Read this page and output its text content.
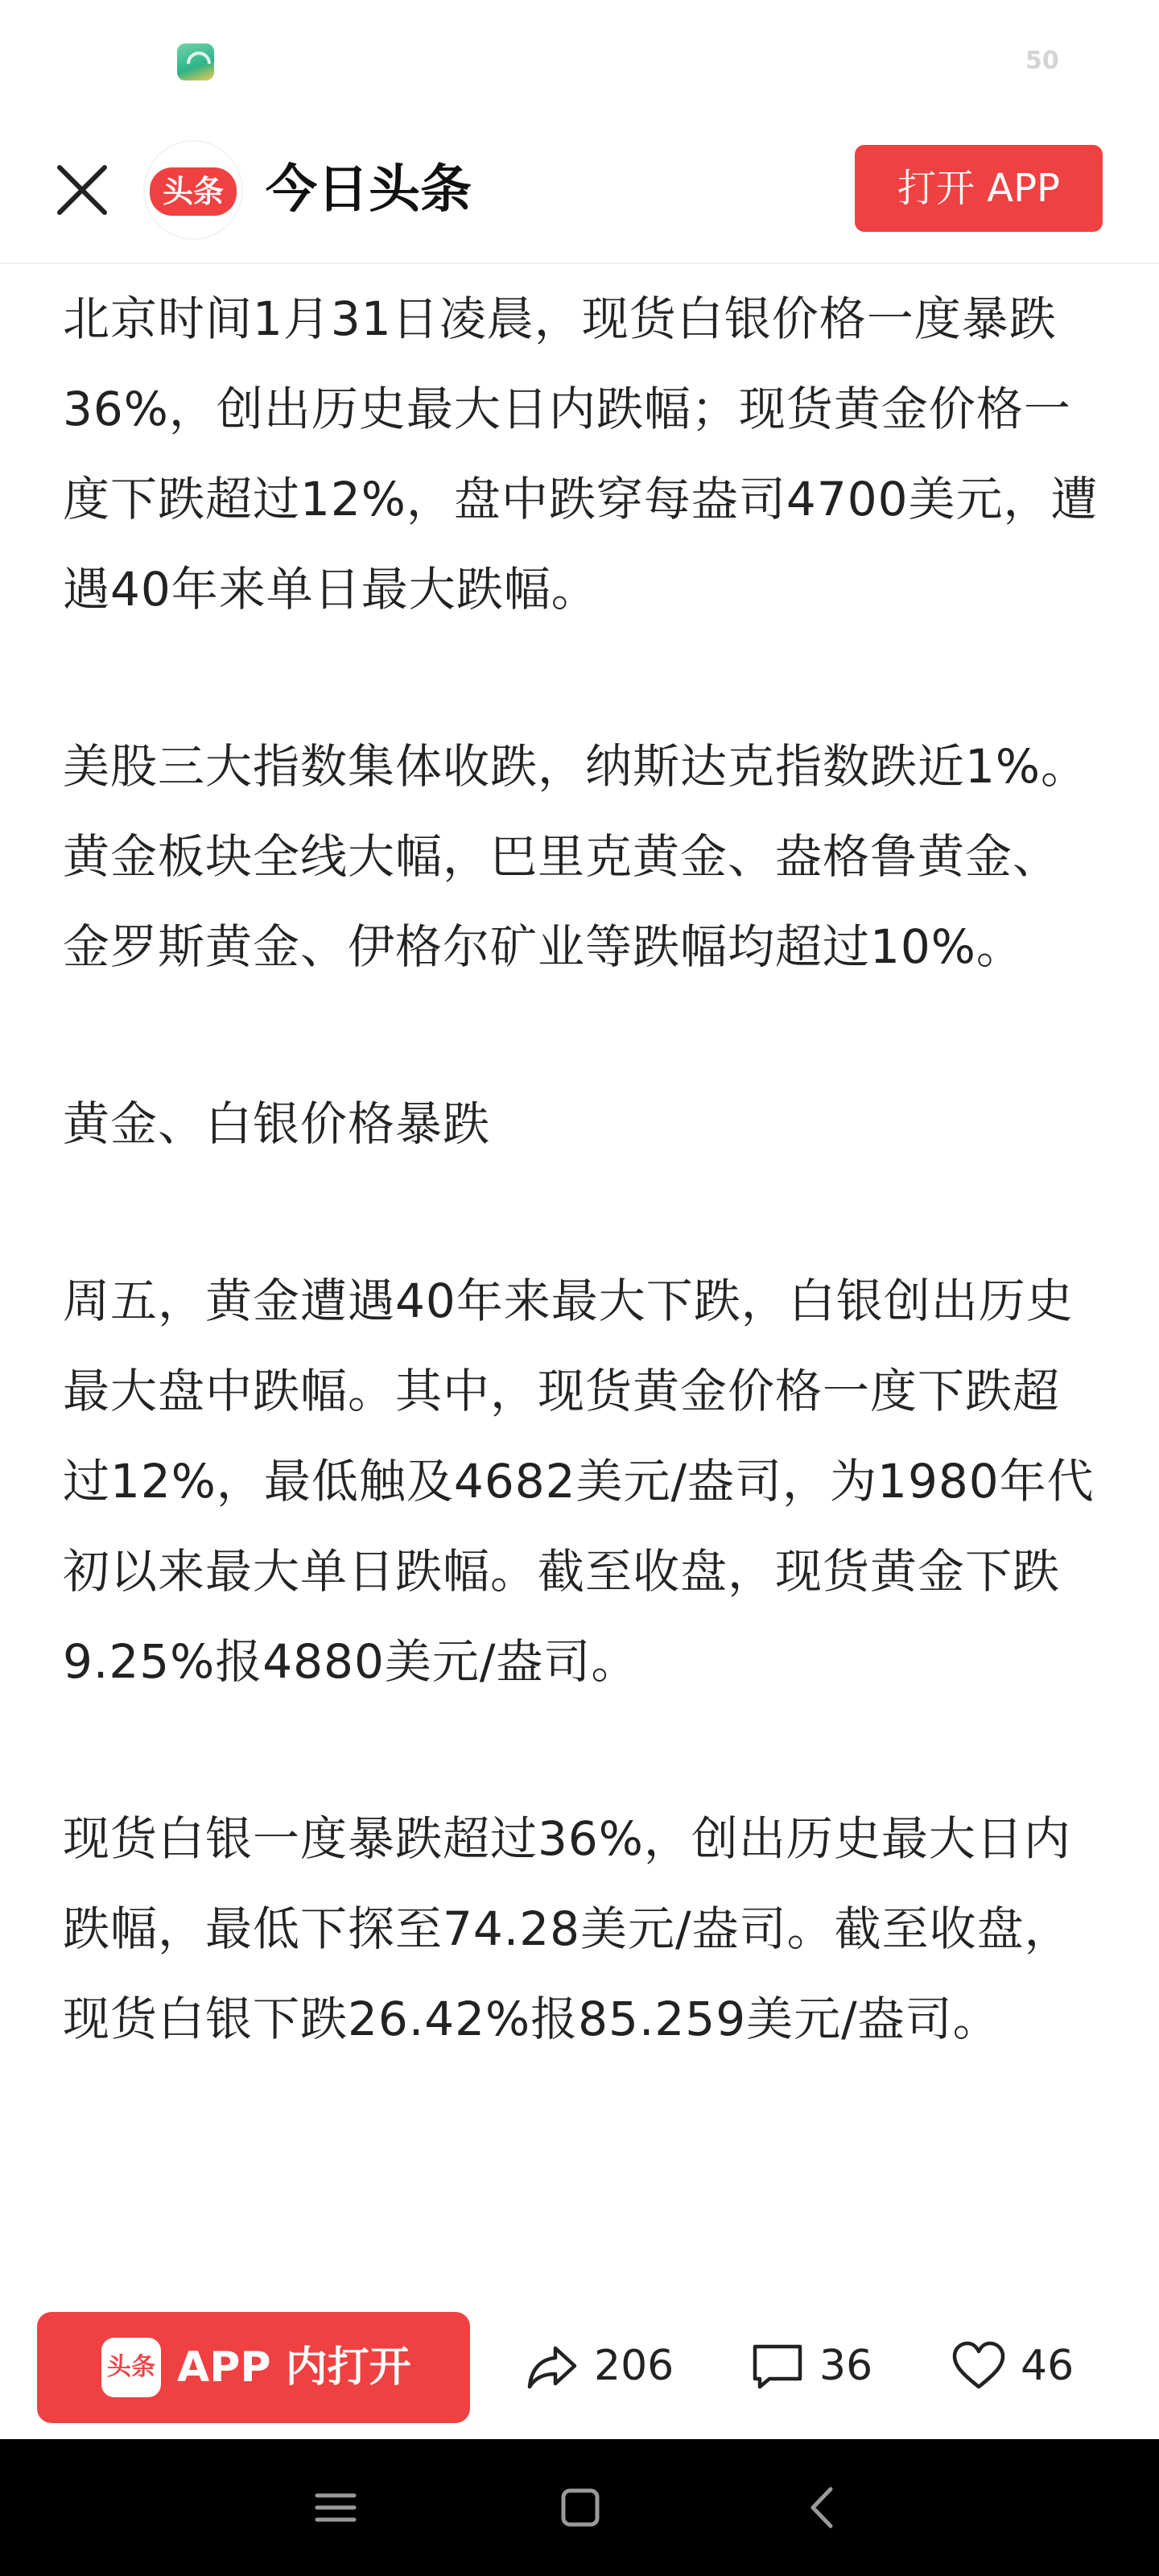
50
头条 今日头条	打开 APP

北京时间1月31日凌晨，现货白银价格一度暴跌36%，创出历史最大日内跌幅；现货黄金价格一度下跌超过12%，盘中跌穿每盎司4700美元，遭遇40年来单日最大跌幅。

美股三大指数集体收跌，纳斯达克指数跌近1%。黄金板块全线大幅，巴里克黄金、盎格鲁黄金、金罗斯黄金、伊格尔矿业等跌幅均超过10%。

黄金、白银价格暴跌

周五，黄金遭遇40年来最大下跌，白银创出历史最大盘中跌幅。其中，现货黄金价格一度下跌超过12%，最低触及4682美元/盎司，为1980年代初以来最大单日跌幅。截至收盘，现货黄金下跌9.25%报4880美元/盎司。

现货白银一度暴跌超过36%，创出历史最大日内跌幅，最低下探至74.28美元/盎司。截至收盘，现货白银下跌26.42%报85.259美元/盎司。

头条 APP 内打开	206	36	46
